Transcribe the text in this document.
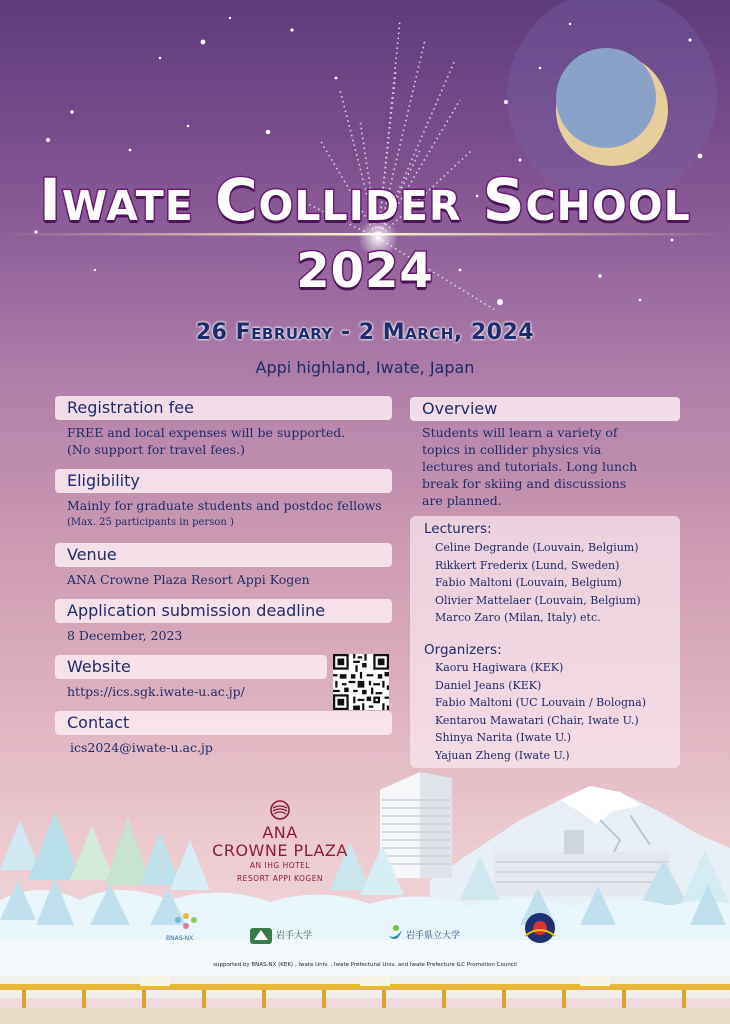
Iwate Collider School
2024
26 February - 2 March, 2024
Appi highland, Iwate, Japan
Registration fee
FREE and local expenses will be supported.
(No support for travel fees.)
Eligibility
Mainly for graduate students and postdoc fellows
(Max. 25 participants in person )
Venue
ANA Crowne Plaza Resort Appi Kogen
Application submission deadline
8 December, 2023
Website
https://ics.sgk.iwate-u.ac.jp/
Contact
ics2024@iwate-u.ac.jp
Overview
Students will learn a variety of
topics in collider physics via
lectures and tutorials. Long lunch
break for skiing and discussions
are planned.
Lecturers:
Celine Degrande (Louvain, Belgium)
Rikkert Frederix (Lund, Sweden)
Fabio Maltoni (Louvain, Belgium)
Olivier Mattelaer (Louvain, Belgium)
Marco Zaro (Milan, Italy) etc.
Organizers:
Kaoru Hagiwara (KEK)
Daniel Jeans (KEK)
Fabio Maltoni (UC Louvain / Bologna)
Kentarou Mawatari (Chair, Iwate U.)
Shinya Narita (Iwate U.)
Yajuan Zheng (Iwate U.)
ANA
CROWNE PLAZA
AN IHG HOTEL
RESORT APPI KOGEN
BNAS-NX	岩手大学	岩手県立大学
supported by BNAS-NX (KEK) , Iwate Univ. , Iwate Prefectural Univ. and Iwate Prefecture ILC Promotion Council
